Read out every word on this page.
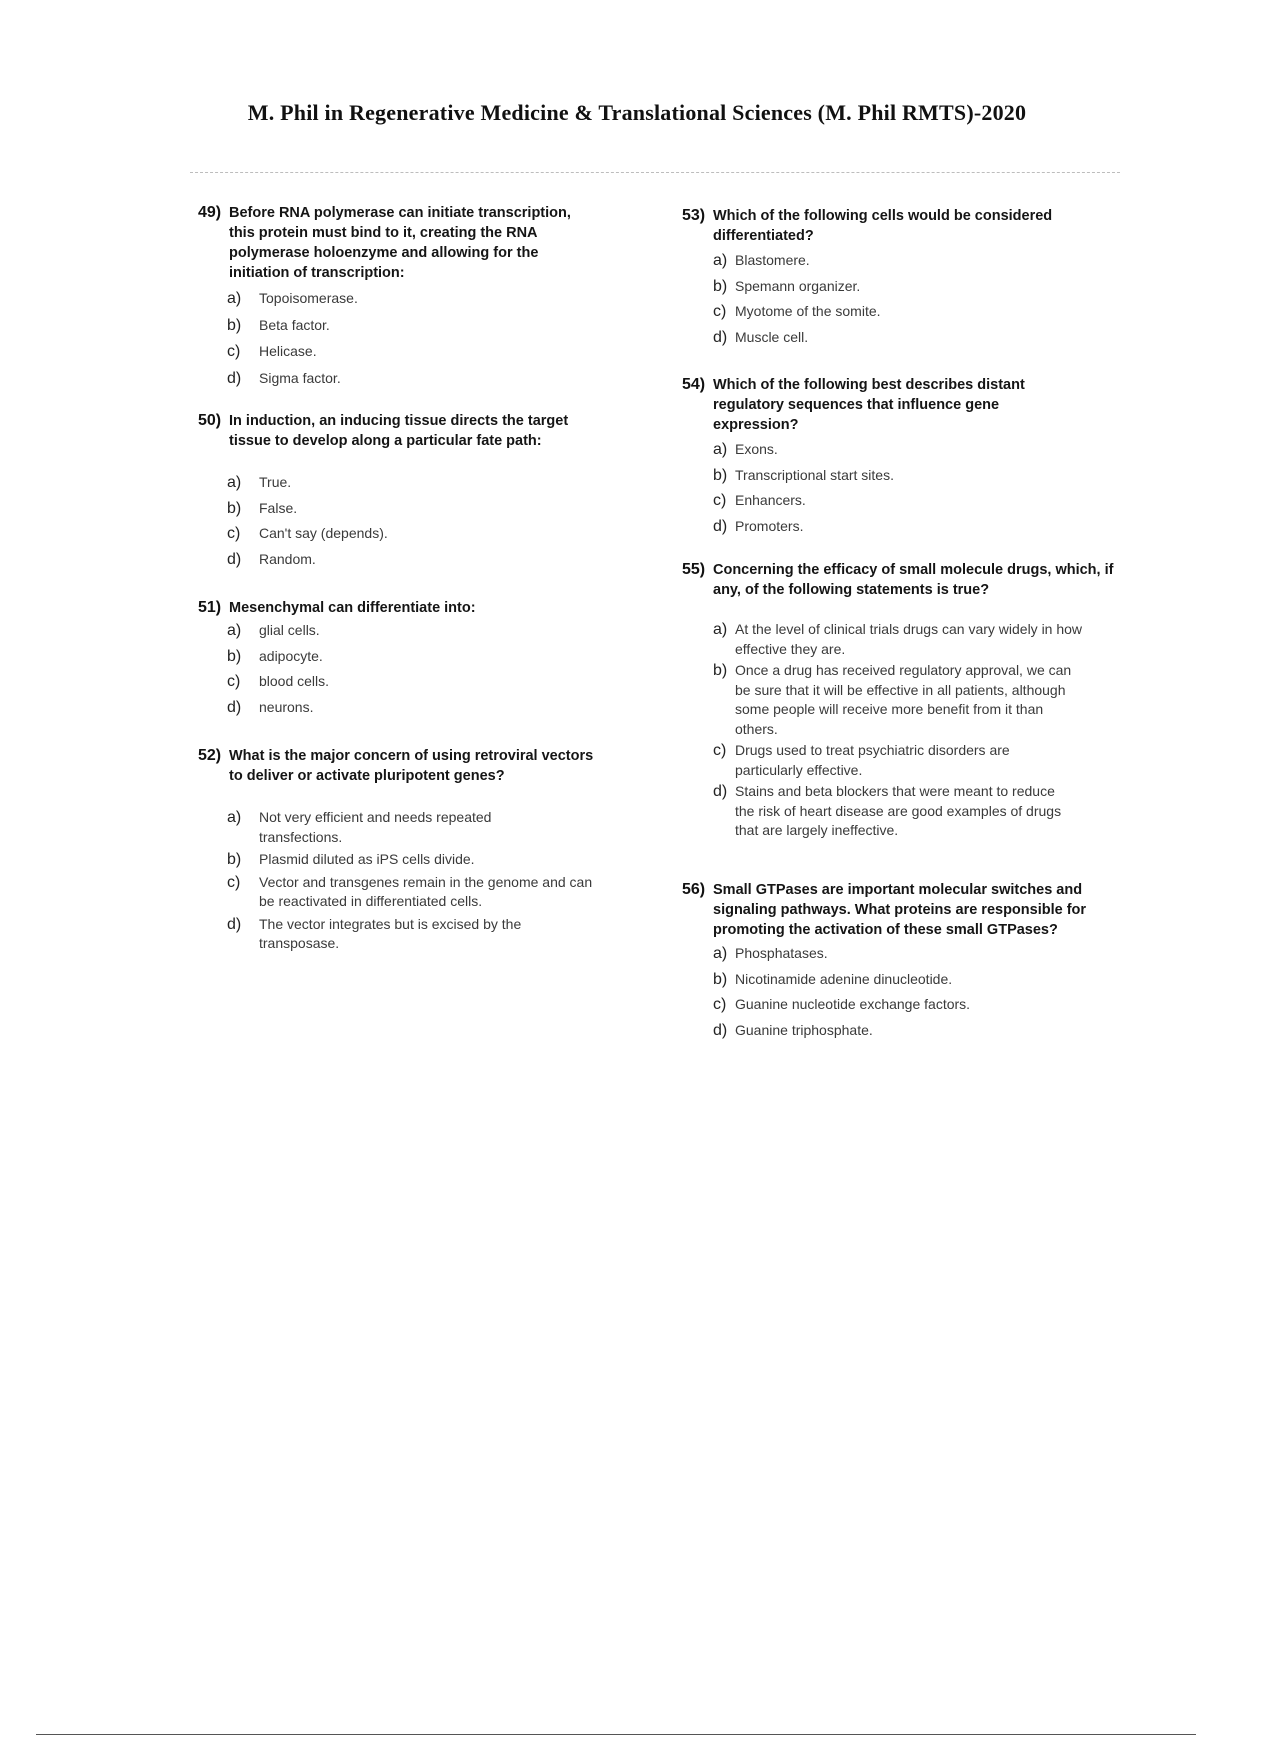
M. Phil in Regenerative Medicine & Translational Sciences (M. Phil RMTS)-2020
49) Before RNA polymerase can initiate transcription, this protein must bind to it, creating the RNA polymerase holoenzyme and allowing for the initiation of transcription:
a)	Topoisomerase.
b)	Beta factor.
c)	Helicase.
d)	Sigma factor.
50) In induction, an inducing tissue directs the target tissue to develop along a particular fate path:
a)	True.
b)	False.
c)	Can't say (depends).
d)	Random.
51) Mesenchymal can differentiate into:
a)	glial cells.
b)	adipocyte.
c)	blood cells.
d)	neurons.
52) What is the major concern of using retroviral vectors to deliver or activate pluripotent genes?
a)	Not very efficient and needs repeated transfections.
b)	Plasmid diluted as iPS cells divide.
c)	Vector and transgenes remain in the genome and can be reactivated in differentiated cells.
d)	The vector integrates but is excised by the transposase.
53) Which of the following cells would be considered differentiated?
a) Blastomere.
b) Spemann organizer.
c) Myotome of the somite.
d) Muscle cell.
54) Which of the following best describes distant regulatory sequences that influence gene expression?
a) Exons.
b) Transcriptional start sites.
c) Enhancers.
d) Promoters.
55) Concerning the efficacy of small molecule drugs, which, if any, of the following statements is true?
a) At the level of clinical trials drugs can vary widely in how effective they are.
b) Once a drug has received regulatory approval, we can be sure that it will be effective in all patients, although some people will receive more benefit from it than others.
c) Drugs used to treat psychiatric disorders are particularly effective.
d) Stains and beta blockers that were meant to reduce the risk of heart disease are good examples of drugs that are largely ineffective.
56) Small GTPases are important molecular switches and signaling pathways. What proteins are responsible for promoting the activation of these small GTPases?
a) Phosphatases.
b) Nicotinamide adenine dinucleotide.
c) Guanine nucleotide exchange factors.
d) Guanine triphosphate.
